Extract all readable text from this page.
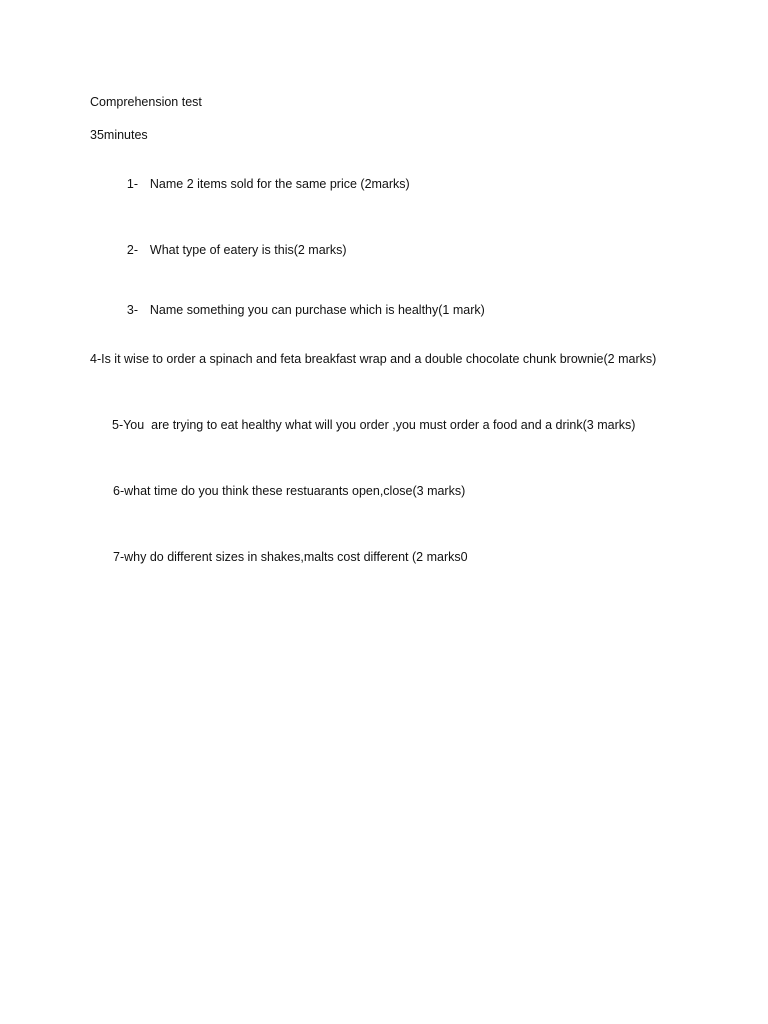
Comprehension test
35minutes

1- Name 2 items sold for the same price (2marks)

2- What type of eatery is this(2 marks)

3- Name something you can purchase which is healthy(1 mark)

4-Is it wise to order a spinach and feta breakfast wrap and a double chocolate chunk brownie(2 marks)
5-You  are trying to eat healthy what will you order ,you must order a food and a drink(3 marks)
6-what time do you think these restuarants open,close(3 marks)
7-why do different sizes in shakes,malts cost different (2 marks0
